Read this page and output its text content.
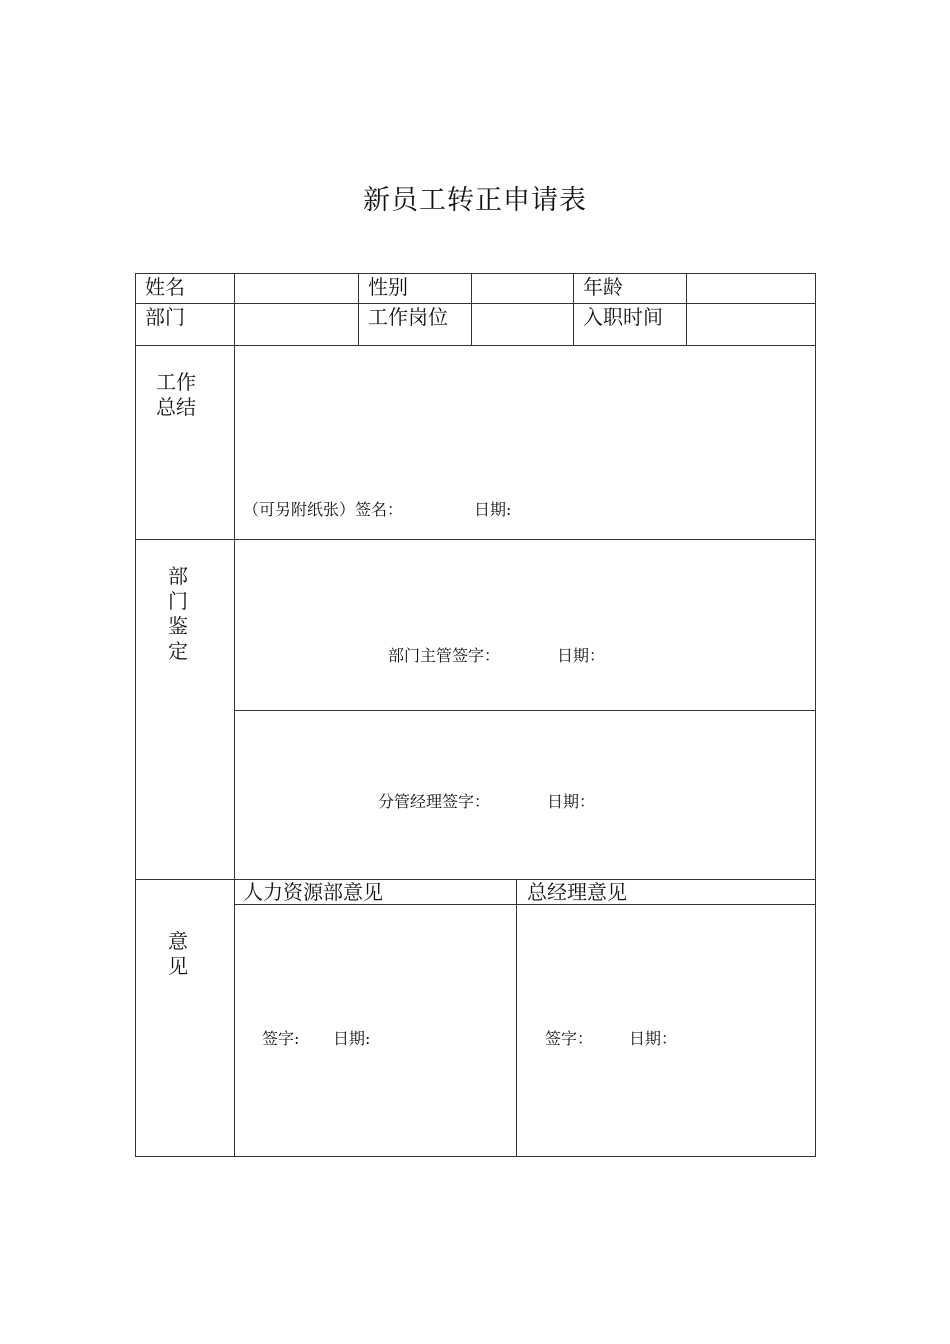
新员工转正申请表
姓名	性别	年龄
部门	工作岗位	入职时间
工作
总结
（可另附纸张）签名：	日期:
部
门
鉴
定	部门主管签字：	日期：
分管经理签字：	日期：
意
见
人力资源部意见	总经理意见
签字: 日期:	签字： 日期：
